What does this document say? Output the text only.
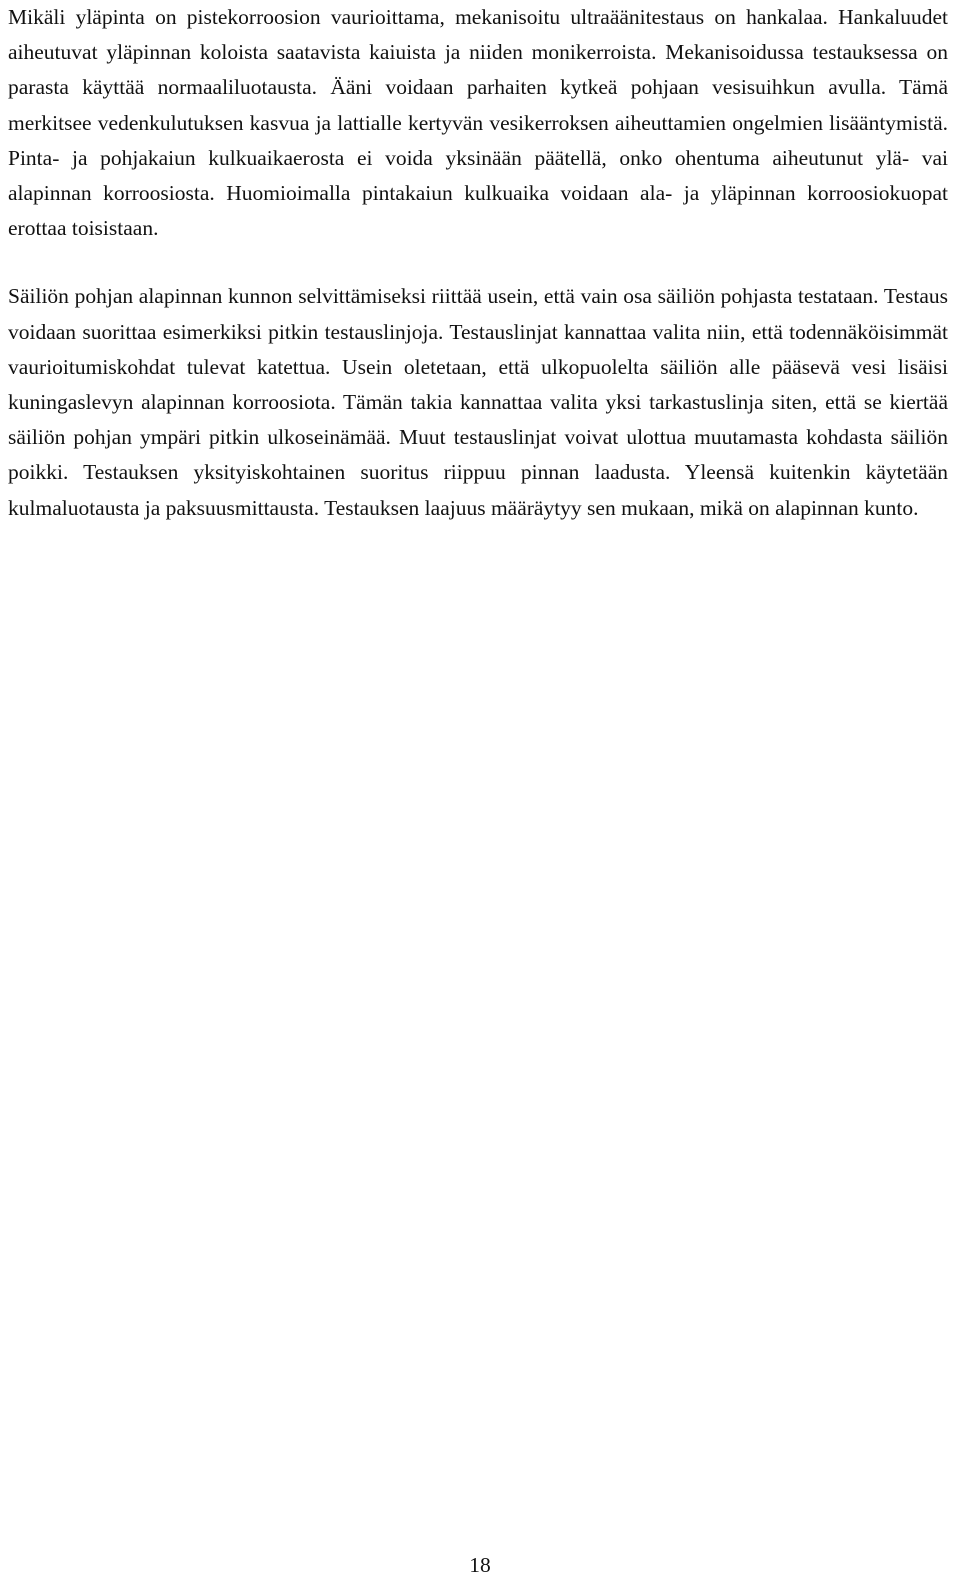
Mikäli yläpinta on pistekorroosion vaurioittama, mekanisoitu ultraäänitestaus on hankalaa. Hankaluudet aiheutuvat yläpinnan koloista saatavista kaiuista ja niiden monikerroista. Mekanisoidussa testauksessa on parasta käyttää normaaliluotausta. Ääni voidaan parhaiten kytkeä pohjaan vesisuihkun avulla. Tämä merkitsee vedenkulutuksen kasvua ja lattialle kertyvän vesikerroksen aiheuttamien ongelmien lisääntymistä. Pinta- ja pohjakaiun kulkuaikaerosta ei voida yksinään päätellä, onko ohentuma aiheutunut ylä- vai alapinnan korroosiosta. Huomioimalla pintakaiun kulkuaika voidaan ala- ja yläpinnan korroosiokuopat erottaa toisistaan.

Säiliön pohjan alapinnan kunnon selvittämiseksi riittää usein, että vain osa säiliön pohjasta testataan. Testaus voidaan suorittaa esimerkiksi pitkin testauslinjoja. Testauslinjat kannattaa valita niin, että todennäköisimmät vaurioitumiskohdat tulevat katettua. Usein oletetaan, että ulkopuolelta säiliön alle pääsevä vesi lisäisi kuningaslevyn alapinnan korroosiota. Tämän takia kannattaa valita yksi tarkastuslinja siten, että se kiertää säiliön pohjan ympäri pitkin ulkoseinämää. Muut testauslinjat voivat ulottua muutamasta kohdasta säiliön poikki. Testauksen yksityiskohtainen suoritus riippuu pinnan laadusta. Yleensä kuitenkin käytetään kulmaluotausta ja paksuusmittausta. Testauksen laajuus määräytyy sen mukaan, mikä on alapinnan kunto.

18
